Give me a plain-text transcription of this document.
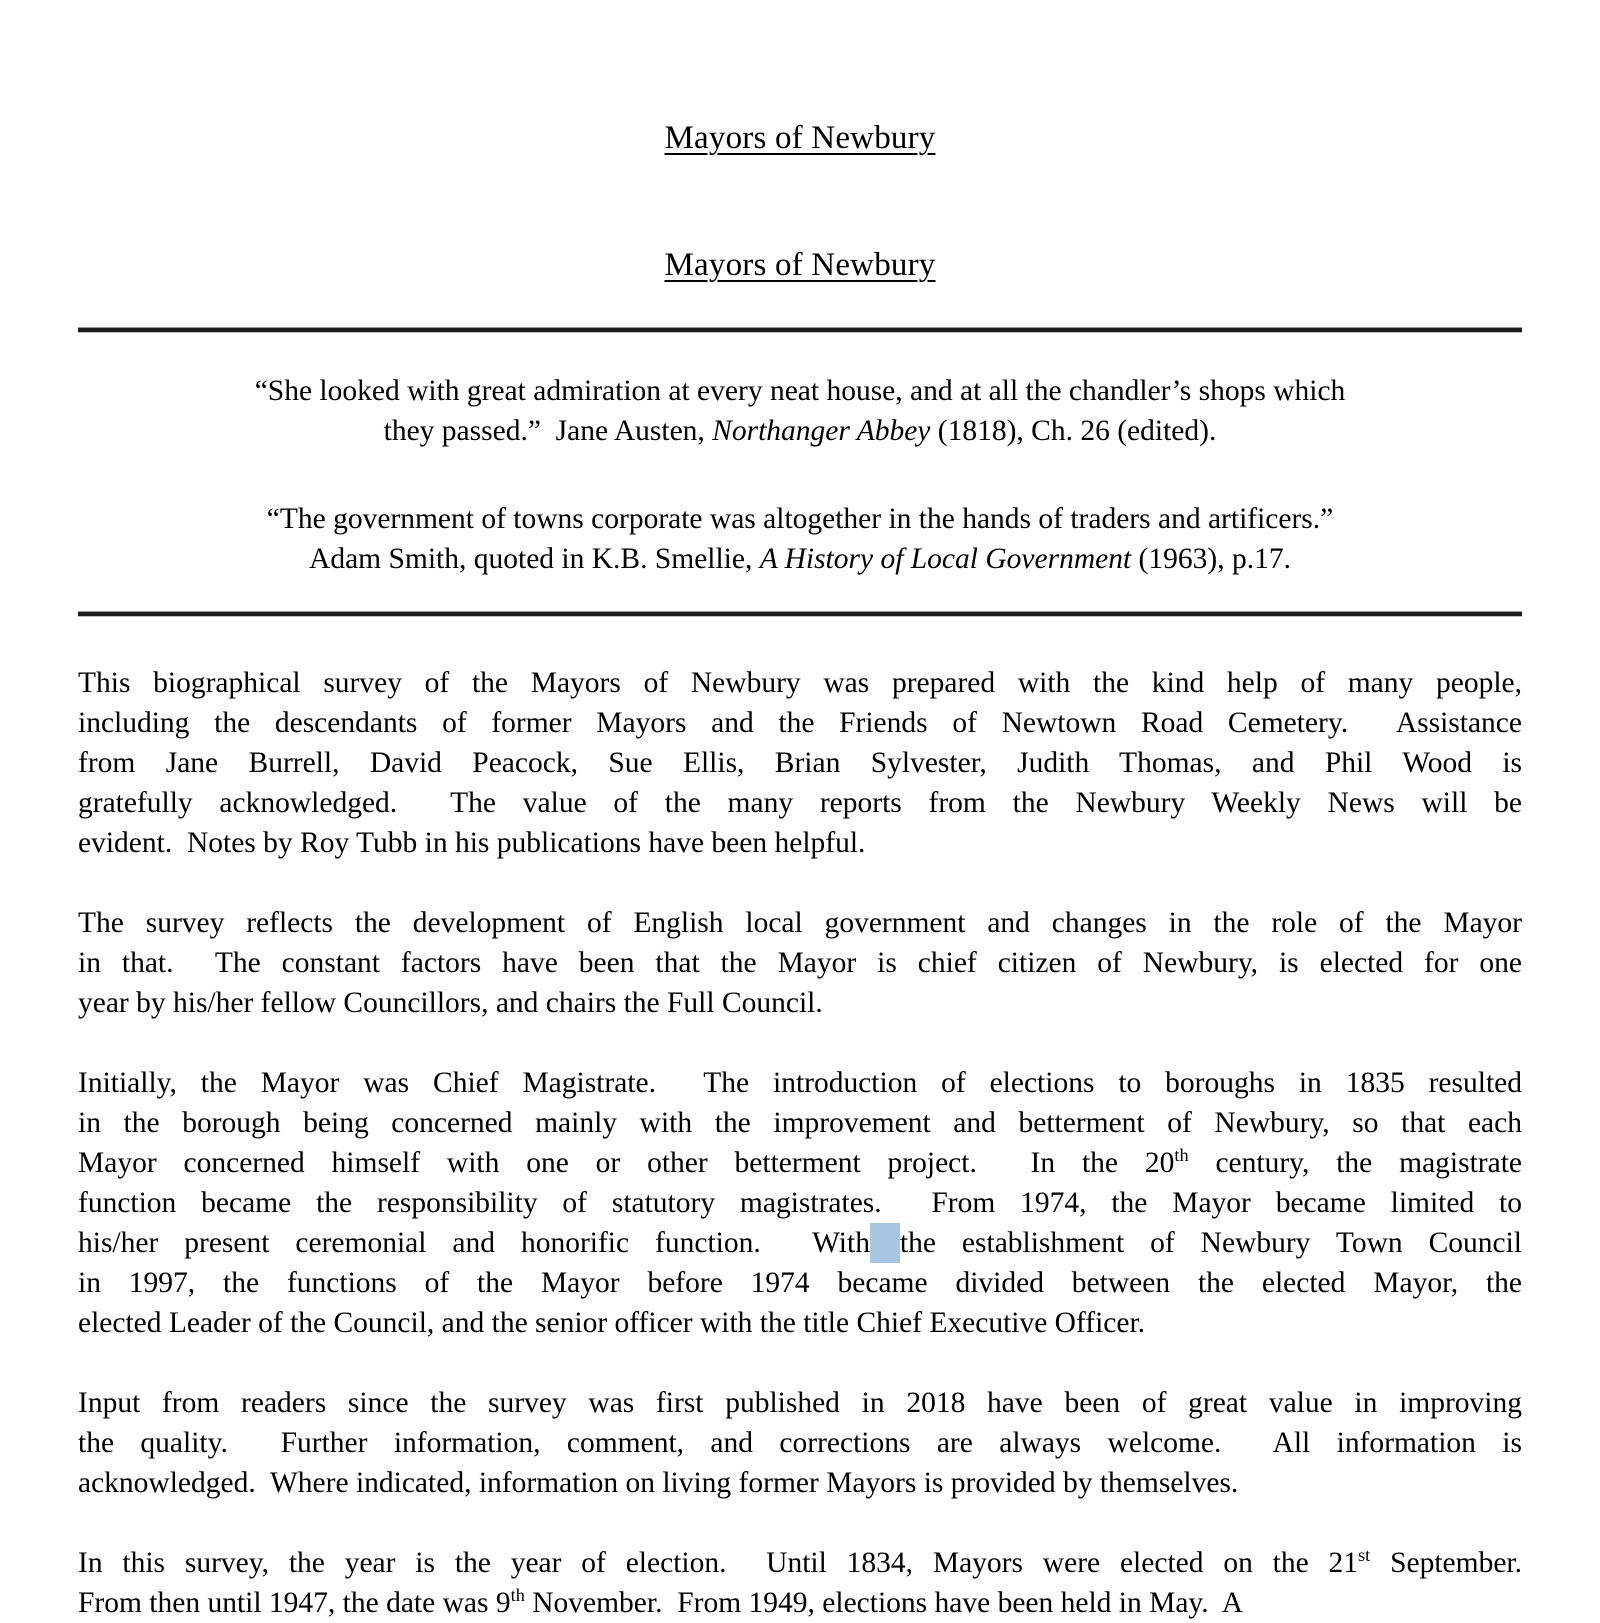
Mayors of Newbury
Mayors of Newbury
“She looked with great admiration at every neat house, and at all the chandler’s shops which
they passed.”  Jane Austen, Northanger Abbey (1818), Ch. 26 (edited).
“The government of towns corporate was altogether in the hands of traders and artificers.”
Adam Smith, quoted in K.B. Smellie, A History of Local Government (1963), p.17.
This biographical survey of the Mayors of Newbury was prepared with the kind help of many people,
including the descendants of former Mayors and the Friends of Newtown Road Cemetery.  Assistance
from Jane Burrell, David Peacock, Sue Ellis, Brian Sylvester, Judith Thomas, and Phil Wood is
gratefully acknowledged.  The value of the many reports from the Newbury Weekly News will be
evident.  Notes by Roy Tubb in his publications have been helpful.
The survey reflects the development of English local government and changes in the role of the Mayor
in that.  The constant factors have been that the Mayor is chief citizen of Newbury, is elected for one
year by his/her fellow Councillors, and chairs the Full Council.
Initially, the Mayor was Chief Magistrate.  The introduction of elections to boroughs in 1835 resulted
in the borough being concerned mainly with the improvement and betterment of Newbury, so that each
Mayor concerned himself with one or other betterment project.  In the 20th century, the magistrate
function became the responsibility of statutory magistrates.  From 1974, the Mayor became limited to
his/her present ceremonial and honorific function.  With the establishment of Newbury Town Council
in 1997, the functions of the Mayor before 1974 became divided between the elected Mayor, the
elected Leader of the Council, and the senior officer with the title Chief Executive Officer.
Input from readers since the survey was first published in 2018 have been of great value in improving
the quality.  Further information, comment, and corrections are always welcome.  All information is
acknowledged.  Where indicated, information on living former Mayors is provided by themselves.
In this survey, the year is the year of election.  Until 1834, Mayors were elected on the 21st September.
From then until 1947, the date was 9th November.  From 1949, elections have been held in May.  A
